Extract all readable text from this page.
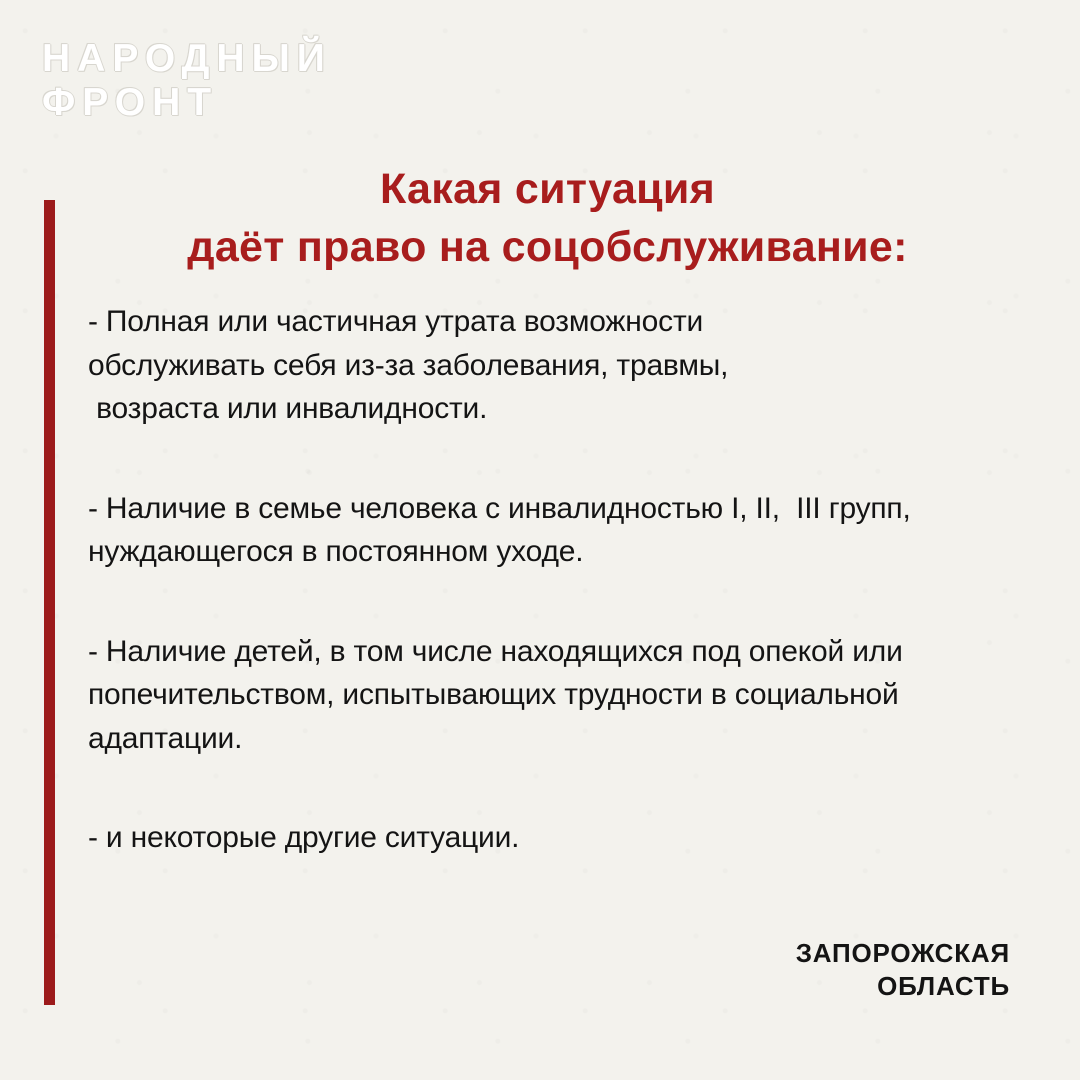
НАРОДНЫЙ
ФРОНТ
Какая ситуация
даёт право на соцобслуживание:
- Полная или частичная утрата возможности
обслуживать себя из-за заболевания, травмы,
возраста или инвалидности.
- Наличие в семье человека с инвалидностью I, II,  III групп,
нуждающегося в постоянном уходе.
- Наличие детей, в том числе находящихся под опекой или
попечительством, испытывающих трудности в социальной
адаптации.
- и некоторые другие ситуации.
ЗАПОРОЖСКАЯ
ОБЛАСТЬ
